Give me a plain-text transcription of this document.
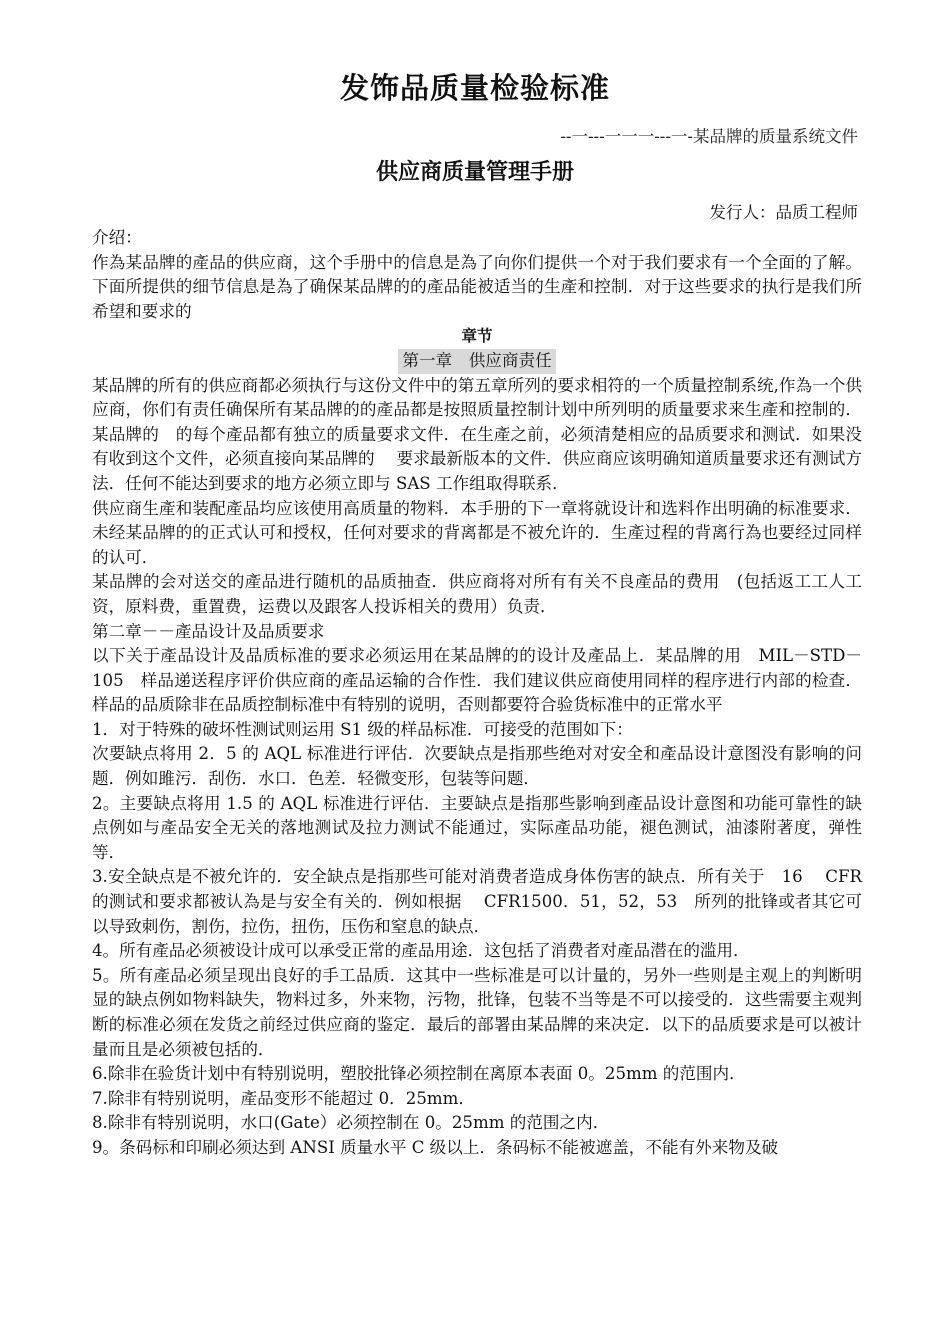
发饰品质量检验标准
--一---一一一---一-某品牌的质量系统文件
供应商质量管理手册
发行人：品质工程师

介绍：

作為某品牌的產品的供应商，这个手册中的信息是為了向你们提供一个对于我们要求有一个全面的了解。下面所提供的细节信息是為了确保某品牌的的產品能被适当的生產和控制．对于这些要求的执行是我们所希望和要求的

章节

第一章　供应商责任

某品牌的所有的供应商都必须执行与这份文件中的第五章所列的要求相符的一个质量控制系统,作為一个供应商，你们有责任确保所有某品牌的的產品都是按照质量控制计划中所列明的质量要求来生產和控制的．某品牌的　的每个產品都有独立的质量要求文件．在生產之前，必须清楚相应的品质要求和测试．如果没有收到这个文件，必须直接向某品牌的　 要求最新版本的文件．供应商应该明确知道质量要求还有测试方法．任何不能达到要求的地方必须立即与 SAS 工作组取得联系．

供应商生產和装配產品均应该使用高质量的物料．本手册的下一章将就设计和选料作出明确的标准要求．未经某品牌的的正式认可和授权，任何对要求的背离都是不被允许的．生產过程的背离行為也要经过同样的认可．

某品牌的会对送交的產品进行随机的品质抽查．供应商将对所有有关不良產品的费用　(包括返工工人工资，原料费，重置费，运费以及跟客人投诉相关的费用）负责．

第二章－－產品设计及品质要求

以下关于產品设计及品质标准的要求必须运用在某品牌的的设计及產品上．某品牌的用　MIL－STD－105　样品递送程序评价供应商的產品运输的合作性．我们建议供应商使用同样的程序进行内部的检查．样品的品质除非在品质控制标准中有特别的说明，否则都要符合验货标准中的正常水平

1．对于特殊的破坏性测试则运用 S1 级的样品标准．可接受的范围如下：

次要缺点将用 2．5 的 AQL 标准进行评估．次要缺点是指那些绝对对安全和產品设计意图没有影响的问题．例如雎污．刮伤．水口．色差．轻微变形，包装等问题．

2。主要缺点将用 1.5 的 AQL 标准进行评估．主要缺点是指那些影响到產品设计意图和功能可靠性的缺点例如与產品安全无关的落地测试及拉力测试不能通过，实际產品功能，褪色测试，油漆附著度，弹性等．

3.安全缺点是不被允许的．安全缺点是指那些可能对消费者造成身体伤害的缺点．所有关于　16　 CFR　的测试和要求都被认為是与安全有关的．例如根据　 CFR1500．51，52，53　所列的批锋或者其它可以导致刺伤，割伤，拉伤，扭伤，压伤和窒息的缺点．

4。所有產品必须被设计成可以承受正常的產品用途．这包括了消费者对產品潜在的滥用．

5。所有產品必须呈现出良好的手工品质．这其中一些标准是可以计量的，另外一些则是主观上的判断明显的缺点例如物料缺失，物料过多，外来物，污物，批锋，包装不当等是不可以接受的．这些需要主观判断的标准必须在发货之前经过供应商的鉴定．最后的部署由某品牌的来决定．以下的品质要求是可以被计量而且是必须被包括的．

6.除非在验货计划中有特别说明，塑胶批锋必须控制在离原本表面 0。25mm 的范围内．

7.除非有特别说明，產品变形不能超过 0．25mm．

8.除非有特别说明，水口(Gate）必须控制在 0。25mm 的范围之内．

9。条码标和印刷必须达到 ANSI 质量水平 C 级以上．条码标不能被遮盖，不能有外来物及破
